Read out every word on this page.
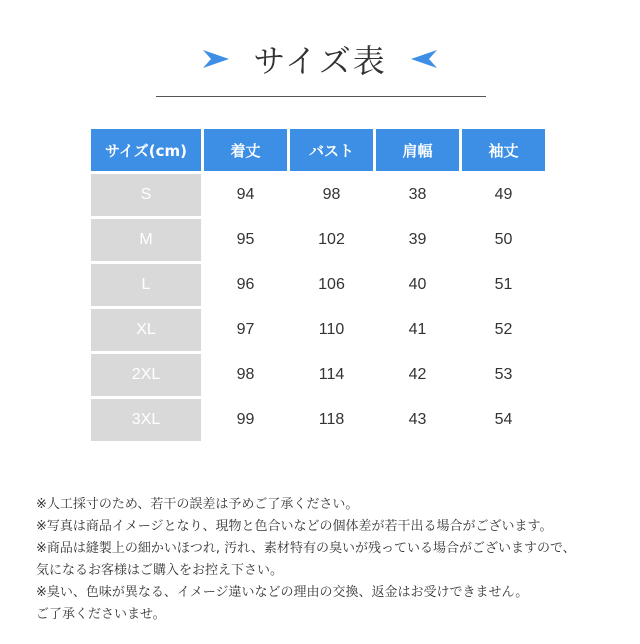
サイズ表
サイズ(cm)	着丈	バスト	肩幅	袖丈
S	94	98	38	49
M	95	102	39	50
L	96	106	40	51
XL	97	110	41	52
2XL	98	114	42	53
3XL	99	118	43	54
※人工採寸のため、若干の誤差は予めご了承ください。
※写真は商品イメージとなり、現物と色合いなどの個体差が若干出る場合がございます。
※商品は縫製上の細かいほつれ, 汚れ、素材特有の臭いが残っている場合がございますので、
気になるお客様はご購入をお控え下さい。
※臭い、色味が異なる、イメージ違いなどの理由の交換、返金はお受けできません。
ご了承くださいませ。
